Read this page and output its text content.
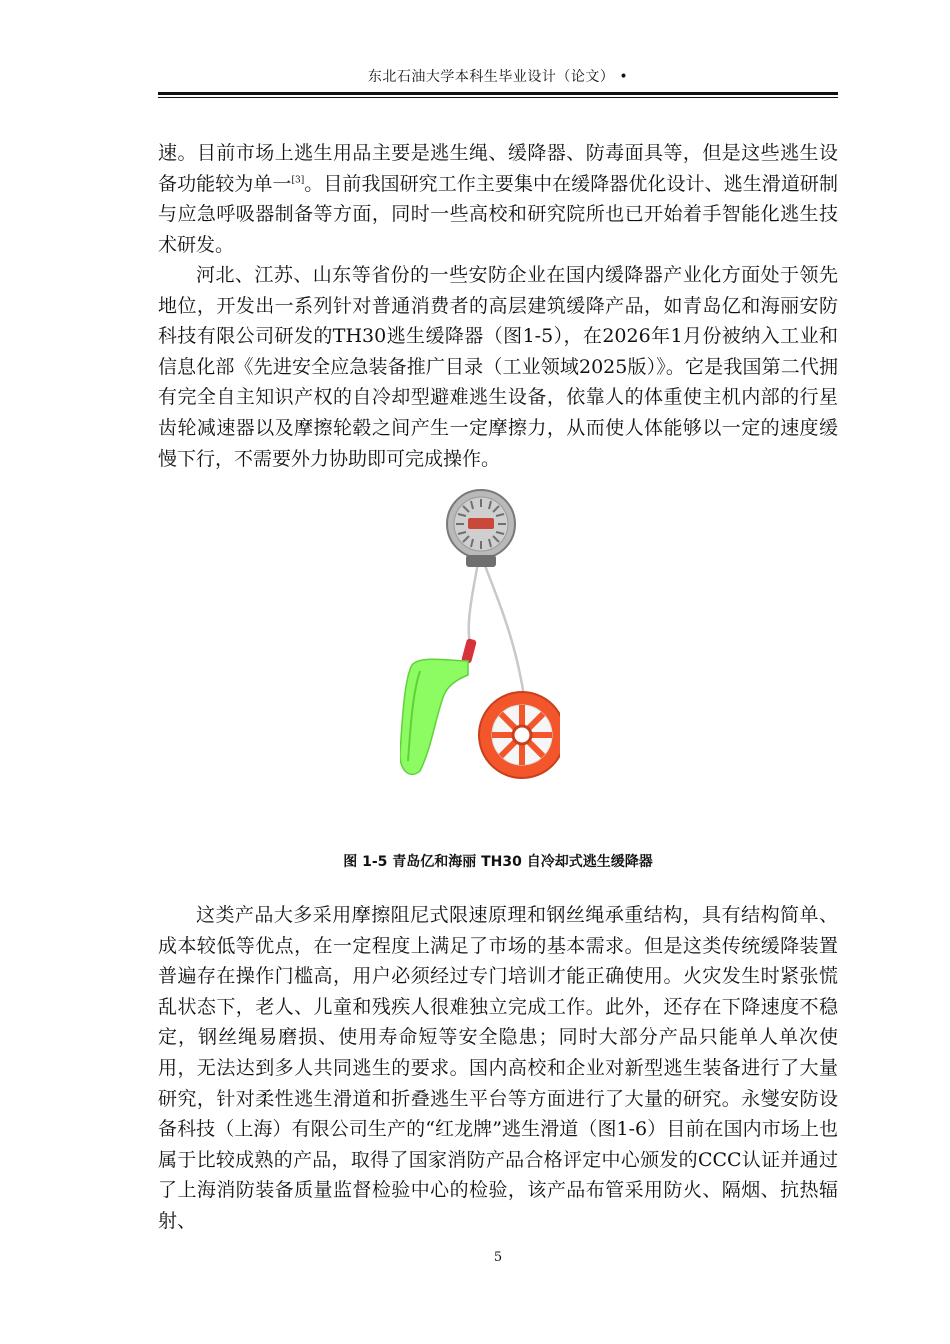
东北石油大学本科生毕业设计（论文） •

速。目前市场上逃生用品主要是逃生绳、缓降器、防毒面具等，但是这些逃生设备功能较为单一[3]。目前我国研究工作主要集中在缓降器优化设计、逃生滑道研制与应急呼吸器制备等方面，同时一些高校和研究院所也已开始着手智能化逃生技术研发。

河北、江苏、山东等省份的一些安防企业在国内缓降器产业化方面处于领先地位，开发出一系列针对普通消费者的高层建筑缓降产品，如青岛亿和海丽安防科技有限公司研发的TH30逃生缓降器（图1-5），在2026年1月份被纳入工业和信息化部《先进安全应急装备推广目录（工业领域2025版）》。它是我国第二代拥有完全自主知识产权的自冷却型避难逃生设备，依靠人的体重使主机内部的行星齿轮减速器以及摩擦轮毂之间产生一定摩擦力，从而使人体能够以一定的速度缓慢下行，不需要外力协助即可完成操作。

图 1-5 青岛亿和海丽 TH30 自冷却式逃生缓降器

这类产品大多采用摩擦阻尼式限速原理和钢丝绳承重结构，具有结构简单、成本较低等优点，在一定程度上满足了市场的基本需求。但是这类传统缓降装置普遍存在操作门槛高，用户必须经过专门培训才能正确使用。火灾发生时紧张慌乱状态下，老人、儿童和残疾人很难独立完成工作。此外，还存在下降速度不稳定，钢丝绳易磨损、使用寿命短等安全隐患；同时大部分产品只能单人单次使用，无法达到多人共同逃生的要求。国内高校和企业对新型逃生装备进行了大量研究，针对柔性逃生滑道和折叠逃生平台等方面进行了大量的研究。永燮安防设备科技（上海）有限公司生产的“红龙牌”逃生滑道（图1-6）目前在国内市场上也属于比较成熟的产品，取得了国家消防产品合格评定中心颁发的CCC认证并通过了上海消防装备质量监督检验中心的检验，该产品布管采用防火、隔烟、抗热辐射、

5
